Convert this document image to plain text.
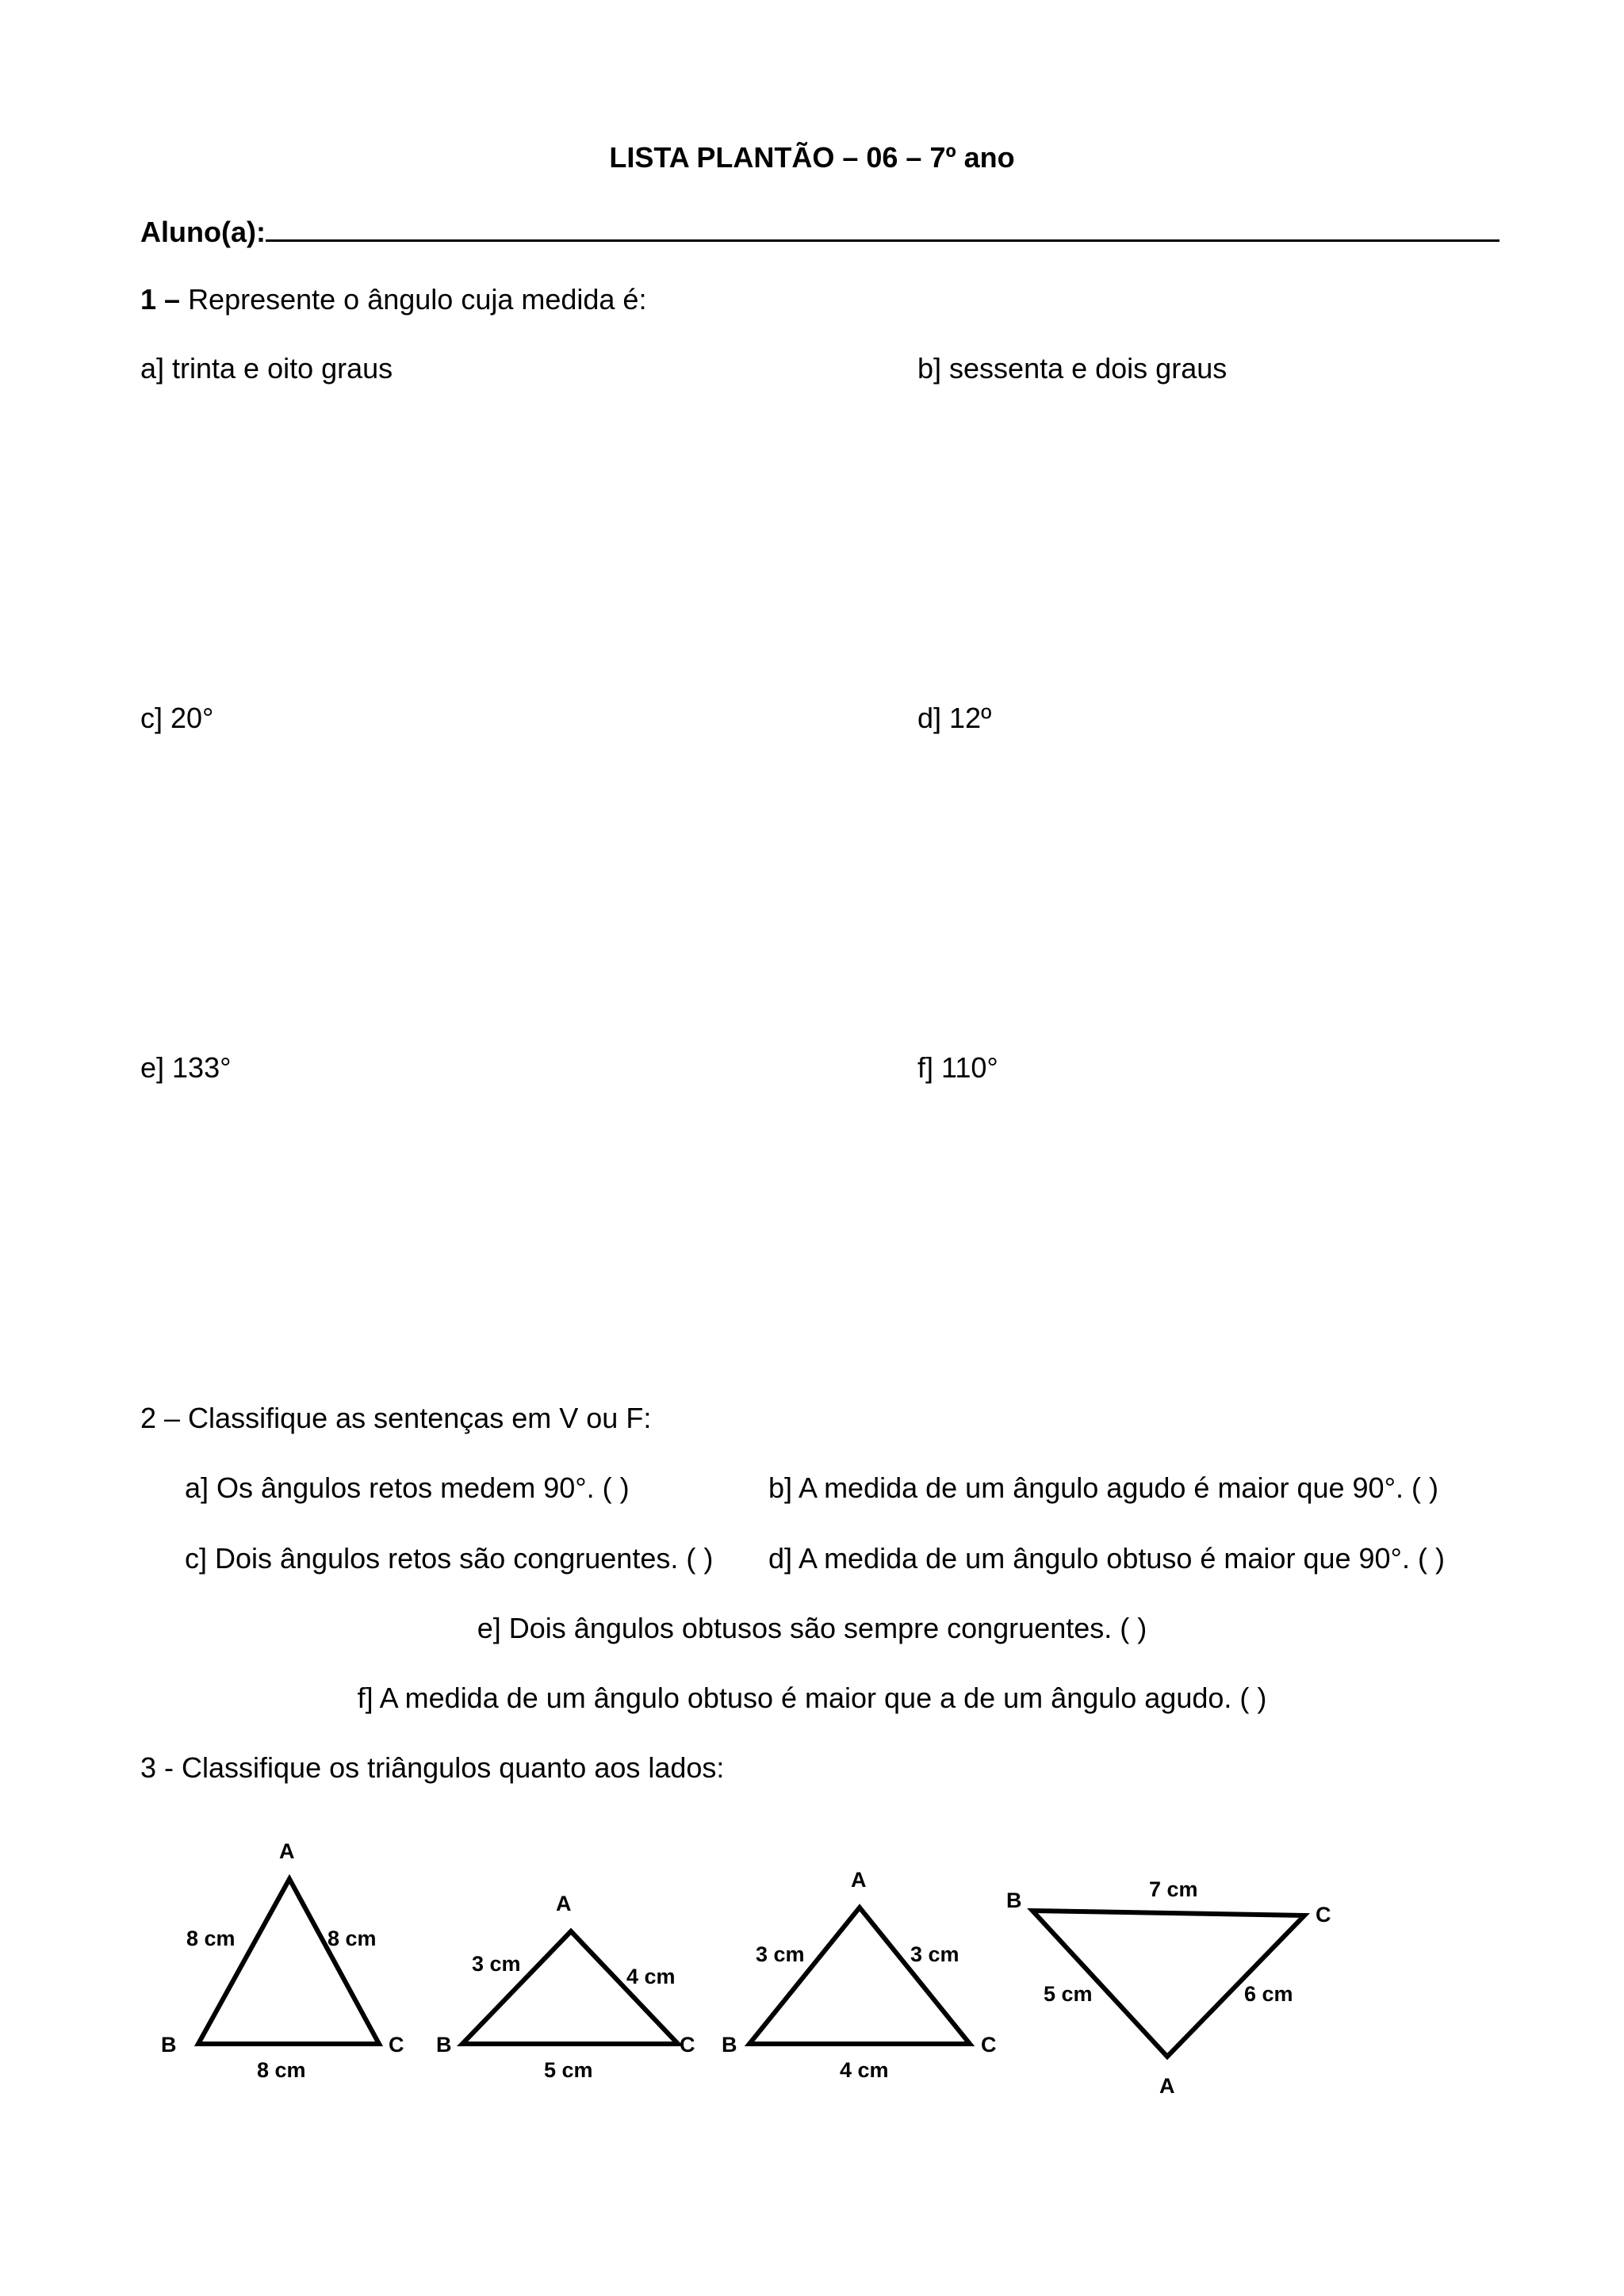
LISTA PLANTÃO – 06 – 7º ano
Aluno(a):
1 – Represente o ângulo cuja medida é:
a] trinta e oito graus	b] sessenta e dois graus
c] 20°	d] 12º
e] 133°	f] 110°
2 – Classifique as sentenças em V ou F:
a] Os ângulos retos medem 90°. ( )	b] A medida de um ângulo agudo é maior que 90°. ( )
c] Dois ângulos retos são congruentes. ( ) d] A medida de um ângulo obtuso é maior que 90°. ( )
e] Dois ângulos obtusos são sempre congruentes. ( )
f] A medida de um ângulo obtuso é maior que a de um ângulo agudo. ( )
3 - Classifique os triângulos quanto aos lados:
A
B	C
8 cm	8 cm
8 cm
A
B	C
3 cm
4 cm
5 cm
A
B	C
3 cm	3 cm
4 cm
A
B
C
7 cm
5 cm	6 cm
